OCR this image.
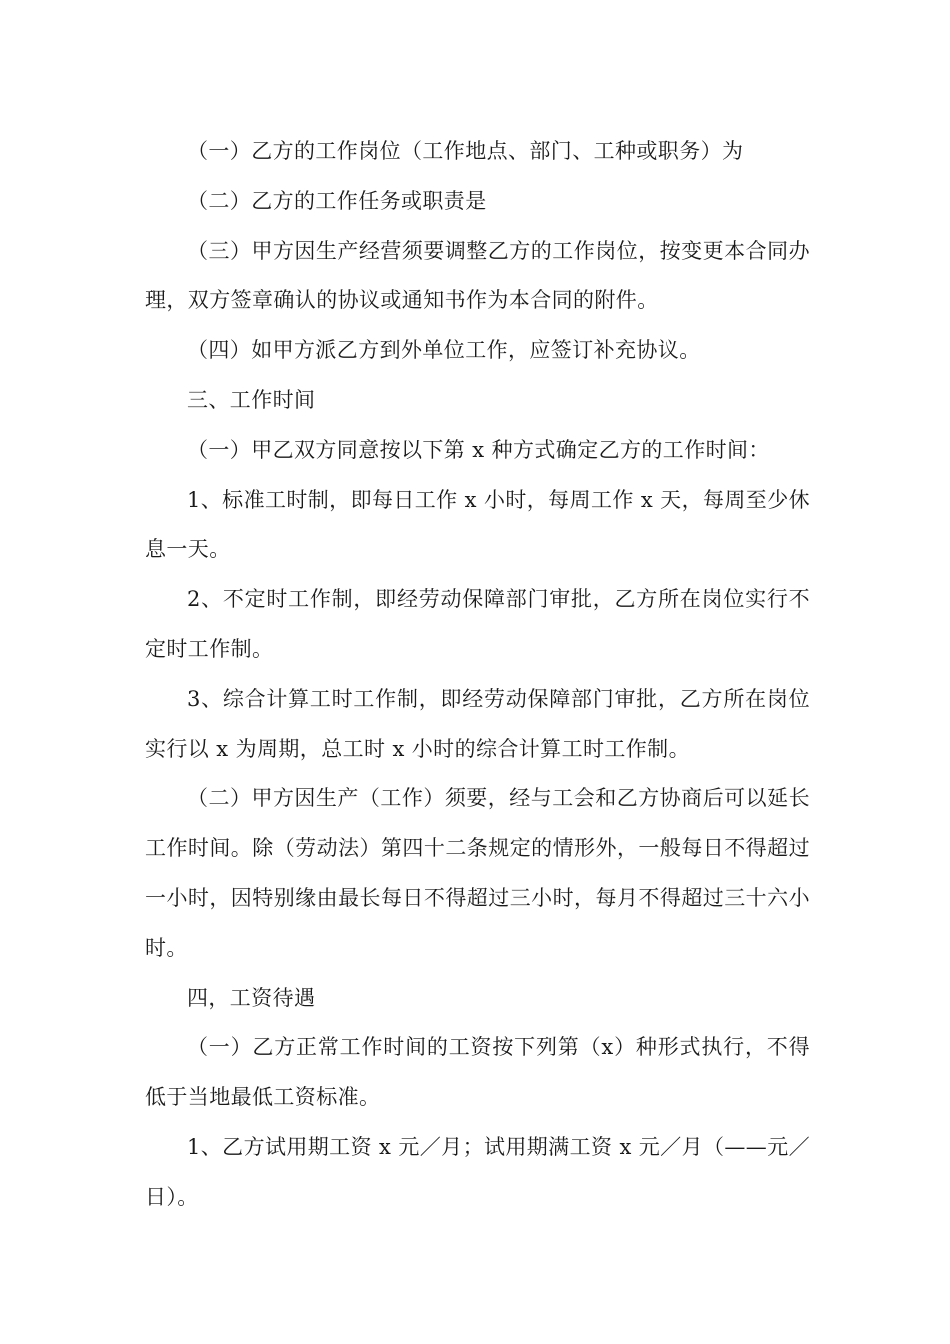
（一）乙方的工作岗位（工作地点、部门、工种或职务）为

（二）乙方的工作任务或职责是

（三）甲方因生产经营须要调整乙方的工作岗位，按变更本合同办理，双方签章确认的协议或通知书作为本合同的附件。

（四）如甲方派乙方到外单位工作，应签订补充协议。

三、工作时间

（一）甲乙双方同意按以下第 x 种方式确定乙方的工作时间：

1、标准工时制，即每日工作 x 小时，每周工作 x 天，每周至少休息一天。

2、不定时工作制，即经劳动保障部门审批，乙方所在岗位实行不定时工作制。

3、综合计算工时工作制，即经劳动保障部门审批，乙方所在岗位实行以 x 为周期，总工时 x 小时的综合计算工时工作制。

（二）甲方因生产（工作）须要，经与工会和乙方协商后可以延长工作时间。除（劳动法）第四十二条规定的情形外，一般每日不得超过一小时，因特别缘由最长每日不得超过三小时，每月不得超过三十六小时。

四，工资待遇

（一）乙方正常工作时间的工资按下列第（x）种形式执行，不得低于当地最低工资标准。

1、乙方试用期工资 x 元／月；试用期满工资 x 元／月（——元／日）。
